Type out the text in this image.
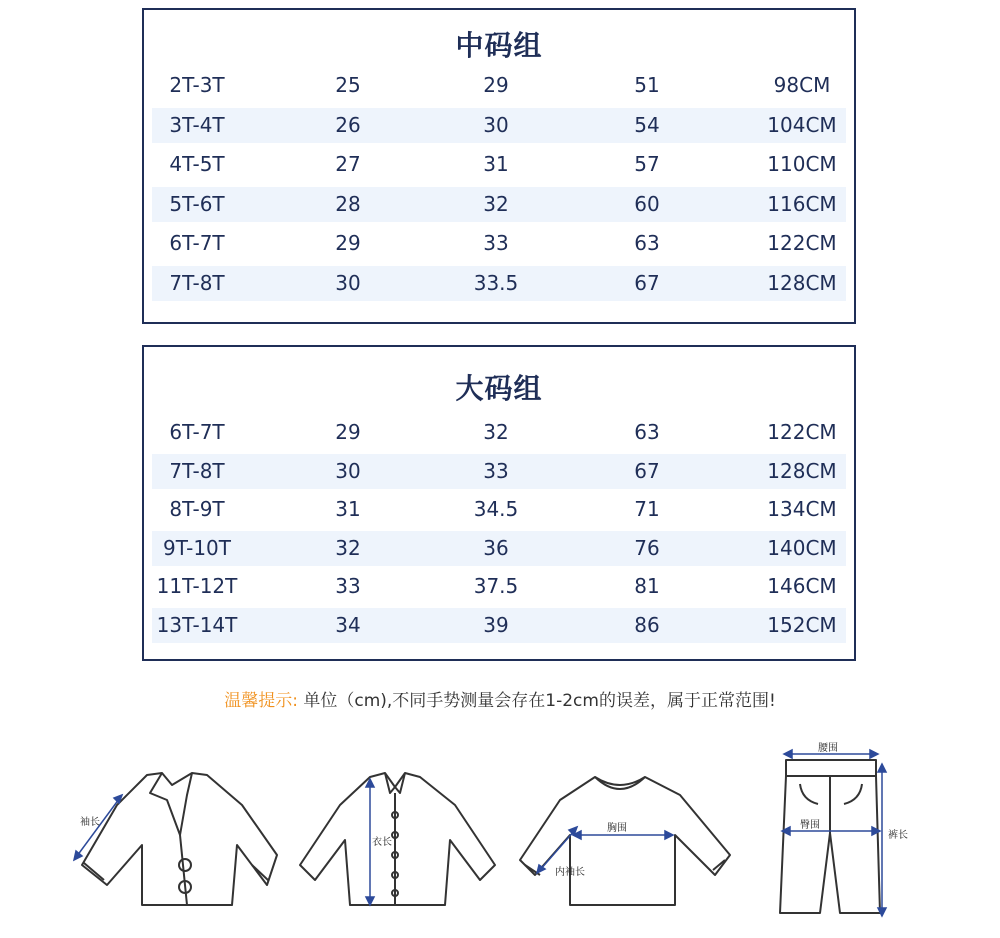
中码组
2T-3T	25	29	51	98CM
3T-4T	26	30	54	104CM
4T-5T	27	31	57	110CM
5T-6T	28	32	60	116CM
6T-7T	29	33	63	122CM
7T-8T	30	33.5	67	128CM
大码组
6T-7T	29	32	63	122CM
7T-8T	30	33	67	128CM
8T-9T	31	34.5	71	134CM
9T-10T	32	36	76	140CM
11T-12T	33	37.5	81	146CM
13T-14T	34	39	86	152CM
温馨提示: 单位（cm),不同手势测量会存在1-2cm的误差，属于正常范围!
袖长
衣长
胸围
内袖长
腰围
臀围
裤长
